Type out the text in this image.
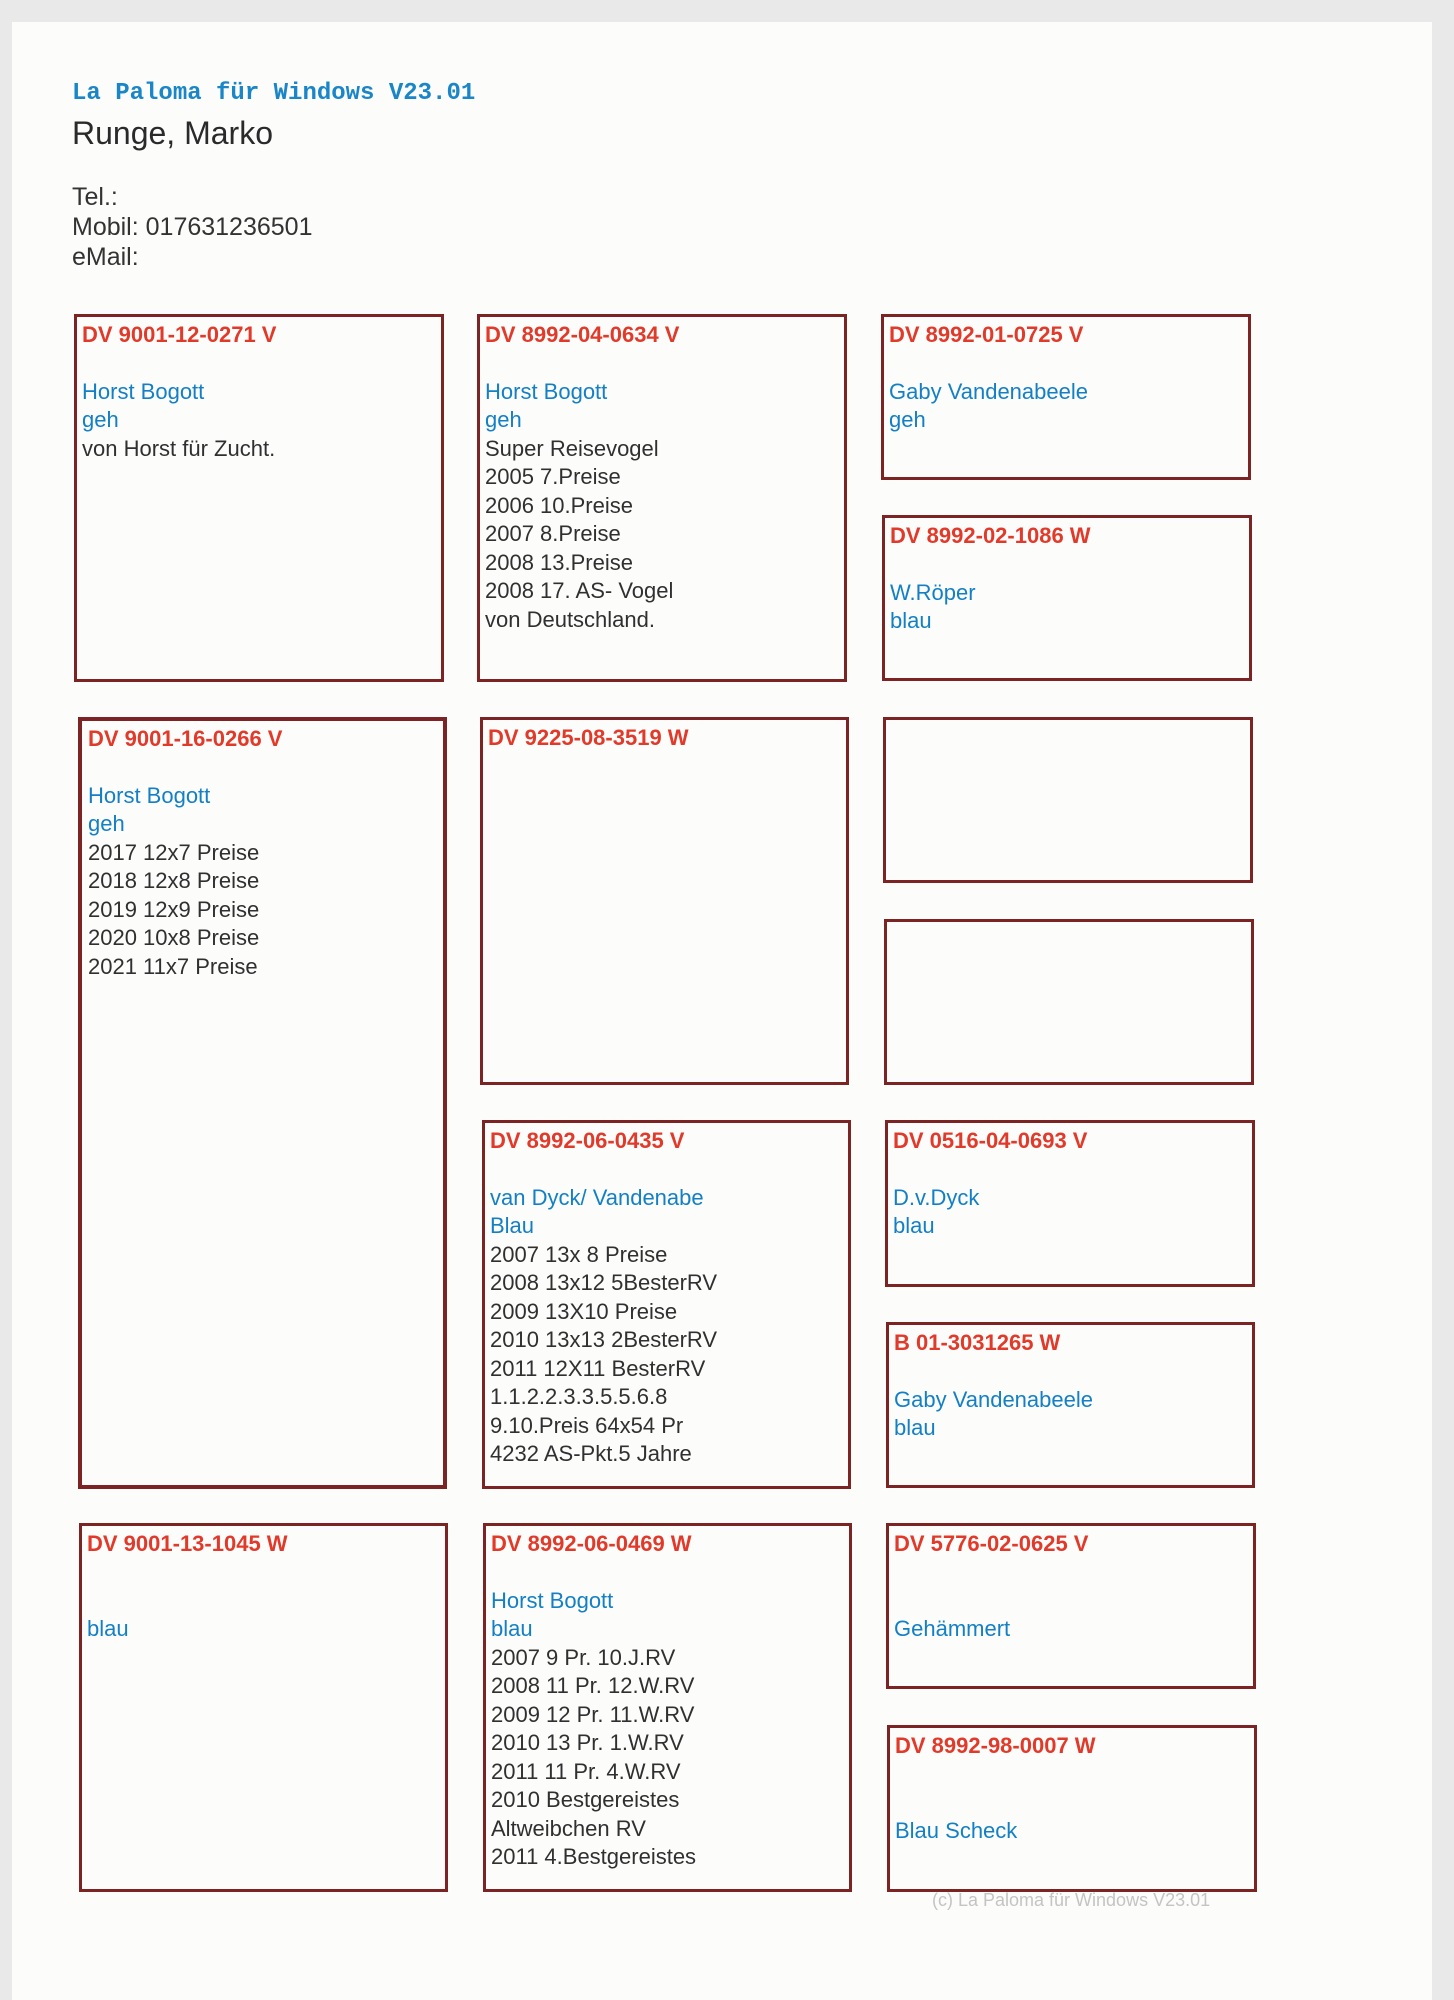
La Paloma für Windows V23.01
Runge, Marko
Tel.:
Mobil: 017631236501
eMail:
DV 9001-12-0271 V
Horst Bogott
geh
von Horst für Zucht.
DV 8992-04-0634 V
Horst Bogott
geh
Super Reisevogel
2005 7.Preise
2006 10.Preise
2007 8.Preise
2008 13.Preise
2008 17. AS- Vogel
von Deutschland.
DV 8992-01-0725 V
Gaby Vandenabeele
geh
DV 8992-02-1086 W
W.Röper
blau
DV 9001-16-0266 V
Horst Bogott
geh
2017 12x7 Preise
2018 12x8 Preise
2019 12x9 Preise
2020 10x8 Preise
2021 11x7 Preise
DV 9225-08-3519 W
DV 8992-06-0435 V
van Dyck/ Vandenabe
Blau
2007 13x 8 Preise
2008 13x12 5BesterRV
2009 13X10 Preise
2010 13x13 2BesterRV
2011 12X11 BesterRV
1.1.2.2.3.3.5.5.6.8
9.10.Preis 64x54 Pr
4232 AS-Pkt.5 Jahre
DV 0516-04-0693 V
D.v.Dyck
blau
B 01-3031265 W
Gaby Vandenabeele
blau
DV 9001-13-1045 W
blau
DV 8992-06-0469 W
Horst Bogott
blau
2007 9 Pr. 10.J.RV
2008 11 Pr. 12.W.RV
2009 12 Pr. 11.W.RV
2010 13 Pr. 1.W.RV
2011 11 Pr. 4.W.RV
2010 Bestgereistes
Altweibchen RV
2011 4.Bestgereistes
DV 5776-02-0625 V
Gehämmert
DV 8992-98-0007 W
Blau Scheck
(c) La Paloma für Windows V23.01
